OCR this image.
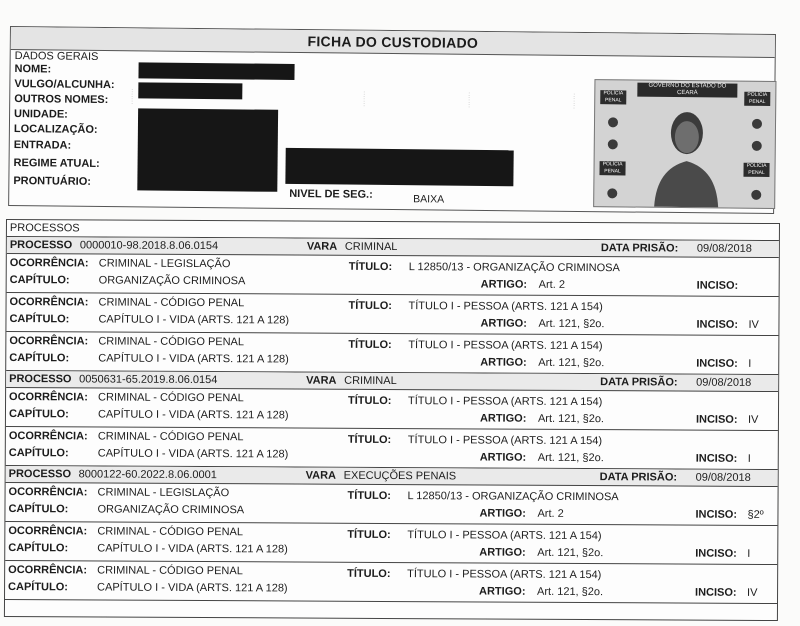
FICHA DO CUSTODIADO
DADOS GERAIS
NOME:
VULGO/ALCUNHA:
OUTROS NOMES:
UNIDADE:
LOCALIZAÇÃO:
ENTRADA:
REGIME ATUAL:
PRONTUÁRIO:
NIVEL DE SEG.:	BAIXA
·······	·······	·······	·······
GOVERNO DO ESTADO DO CEARÁ
POLÍCIA PENAL
POLÍCIA PENAL
POLÍCIA PENAL
POLÍCIA PENAL
PROCESSOS
PROCESSO 0000010-98.2018.8.06.0154	VARA CRIMINAL	DATA PRISÃO: 09/08/2018
OCORRÊNCIA: CRIMINAL - LEGISLAÇÃO
CAPÍTULO:	ORGANIZAÇÃO CRIMINOSA
TÍTULO: L 12850/13 - ORGANIZAÇÃO CRIMINOSA
ARTIGO: Art. 2	INCISO:
OCORRÊNCIA: CRIMINAL - CÓDIGO PENAL
CAPÍTULO:	CAPÍTULO I - VIDA (ARTS. 121 A 128)
TÍTULO: TÍTULO I - PESSOA (ARTS. 121 A 154)
ARTIGO: Art. 121, §2o.	INCISO: IV
OCORRÊNCIA: CRIMINAL - CÓDIGO PENAL
CAPÍTULO:	CAPÍTULO I - VIDA (ARTS. 121 A 128)
TÍTULO: TÍTULO I - PESSOA (ARTS. 121 A 154)
ARTIGO: Art. 121, §2o.	INCISO: I
PROCESSO 0050631-65.2019.8.06.0154	VARA CRIMINAL	DATA PRISÃO: 09/08/2018
OCORRÊNCIA: CRIMINAL - CÓDIGO PENAL
CAPÍTULO:	CAPÍTULO I - VIDA (ARTS. 121 A 128)
TÍTULO: TÍTULO I - PESSOA (ARTS. 121 A 154)
ARTIGO: Art. 121, §2o.	INCISO: IV
OCORRÊNCIA: CRIMINAL - CÓDIGO PENAL
CAPÍTULO:	CAPÍTULO I - VIDA (ARTS. 121 A 128)
TÍTULO: TÍTULO I - PESSOA (ARTS. 121 A 154)
ARTIGO: Art. 121, §2o.	INCISO: I
PROCESSO 8000122-60.2022.8.06.0001	VARA EXECUÇÕES PENAIS	DATA PRISÃO: 09/08/2018
OCORRÊNCIA: CRIMINAL - LEGISLAÇÃO
CAPÍTULO:	ORGANIZAÇÃO CRIMINOSA
TÍTULO: L 12850/13 - ORGANIZAÇÃO CRIMINOSA
ARTIGO: Art. 2	INCISO: §2º
OCORRÊNCIA: CRIMINAL - CÓDIGO PENAL
CAPÍTULO:	CAPÍTULO I - VIDA (ARTS. 121 A 128)
TÍTULO: TÍTULO I - PESSOA (ARTS. 121 A 154)
ARTIGO: Art. 121, §2o.	INCISO: I
OCORRÊNCIA: CRIMINAL - CÓDIGO PENAL
CAPÍTULO:	CAPÍTULO I - VIDA (ARTS. 121 A 128)
TÍTULO: TÍTULO I - PESSOA (ARTS. 121 A 154)
ARTIGO: Art. 121, §2o.	INCISO: IV
